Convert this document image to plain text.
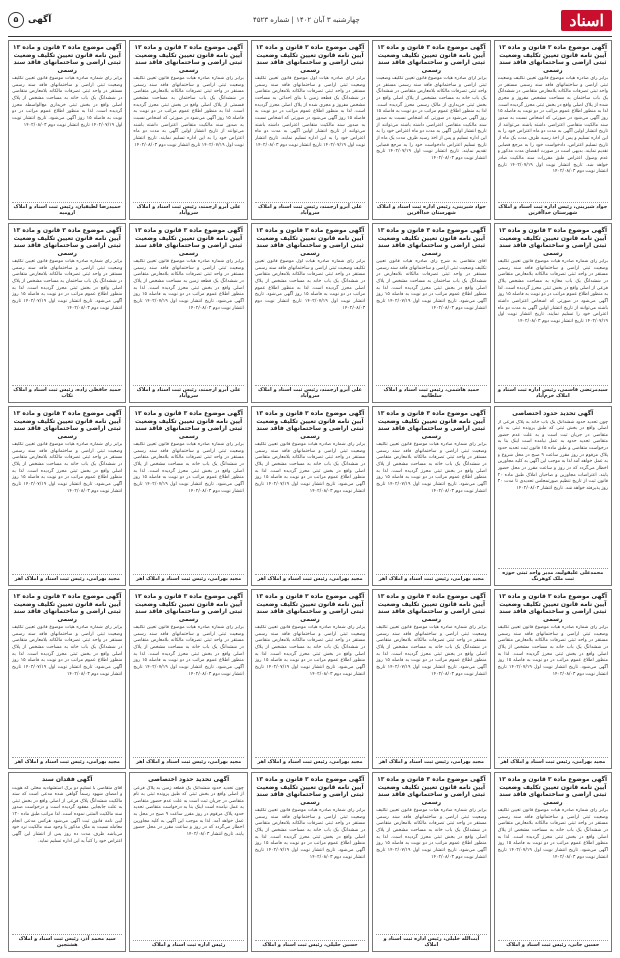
اسناد
چهارشنبه ۳ آبان ۱۴۰۲ | شماره ۴۵۲۳
آگهی
۵
آگهی موضوع ماده ۳ قانون و ماده ۱۳ آیین نامه قانون تعیین تکلیف وضعیت ثبتی اراضی و ساختمانهای فاقد سند رسمی
برابر رأی صادره هیأت موضوع قانون تعیین تکلیف وضعیت ثبتی اراضی و ساختمانهای فاقد سند رسمی مستقر در واحد ثبتی تصرفات مالکانه بلامعارض متقاضی در ششدانگ یک باب ساختمان به مساحت مشخص مفروز و مجزی شده از پلاک اصلی واقع در بخش ثبتی محرز گردیده است. لذا به منظور اطلاع عموم مراتب در دو نوبت به فاصله ۱۵ روز آگهی می‌شود در صورتی که اشخاص نسبت به صدور سند مالکیت متقاضی اعتراضی داشته باشند می‌توانند از تاریخ انتشار اولین آگهی به مدت دو ماه اعتراض خود را به این اداره تسلیم و پس از اخذ رسید ظرف مدت یک ماه از تاریخ تسلیم اعتراض، دادخواست خود را به مرجع قضایی تقدیم نمایند. بدیهی است در صورت انقضای مدت مذکور و عدم وصول اعتراض طبق مقررات سند مالکیت صادر خواهد شد. تاریخ انتشار نوبت اول ۱۴۰۲/۰۷/۱۹ تاریخ انتشار نوبت دوم ۱۴۰۲/۰۸/۰۳
جواد شیرینی، رئیس اداره ثبت اسناد و املاک شهرستان خداآفرین
آگهی موضوع ماده ۳ قانون و ماده ۱۳ آیین نامه قانون تعیین تکلیف وضعیت ثبتی اراضی و ساختمانهای فاقد سند رسمی
برابر آرای صادره هیأت موضوع قانون تعیین تکلیف وضعیت ثبتی اراضی و ساختمانهای فاقد سند رسمی مستقر در واحد ثبتی تصرفات مالکانه بلامعارض متقاضی در ششدانگ یک باب خانه به مساحت مشخص از پلاک اصلی واقع در بخش ثبتی خریداری از مالک رسمی محرز گردیده است. لذا به منظور اطلاع عموم مراتب در دو نوبت به فاصله ۱۵ روز آگهی می‌شود در صورتی که اشخاص نسبت به صدور سند مالکیت متقاضی اعتراضی داشته باشند می‌توانند از تاریخ انتشار اولین آگهی به مدت دو ماه اعتراض خود را به این اداره تسلیم و پس از اخذ رسید ظرف مدت یک ماه از تاریخ تسلیم اعتراض دادخواست خود را به مرجع قضایی تقدیم نمایند. تاریخ انتشار نوبت اول ۱۴۰۲/۰۷/۱۹ تاریخ انتشار نوبت دوم ۱۴۰۲/۰۸/۰۳
جواد شیرینی، رئیس اداره ثبت اسناد و املاک شهرستان خداآفرین
آگهی موضوع ماده ۳ قانون و ماده ۱۳ آیین نامه قانون تعیین تکلیف وضعیت ثبتی اراضی و ساختمانهای فاقد سند رسمی
برابر آرای صادره هیأت اول موضوع قانون تعیین تکلیف وضعیت ثبتی اراضی و ساختمانهای فاقد سند رسمی مستقر در واحد ثبتی تصرفات مالکانه بلامعارض متقاضی در ششدانگ یک قطعه زمین با بنای احداثی به مساحت مشخص مفروز و مجزی شده از پلاک اصلی محرز گردیده است. لذا به منظور اطلاع عموم مراتب در دو نوبت به فاصله ۱۵ روز آگهی می‌شود در صورتی که اشخاص نسبت به صدور سند مالکیت متقاضی اعتراضی داشته باشند می‌توانند از تاریخ انتشار اولین آگهی به مدت دو ماه اعتراض خود را به این اداره تسلیم نمایند. تاریخ انتشار نوبت اول ۱۴۰۲/۰۷/۱۹ تاریخ انتشار نوبت دوم ۱۴۰۲/۰۸/۰۳
علی آبرو ارجمند، رئیس ثبت اسناد و املاک سروآباد
آگهی موضوع ماده ۳ قانون و ماده ۱۳ آیین نامه قانون تعیین تکلیف وضعیت ثبتی اراضی و ساختمانهای فاقد سند رسمی
برابر رأی شماره صادره هیأت موضوع قانون تعیین تکلیف وضعیت ثبتی اراضی و ساختمانهای فاقد سند رسمی مستقر در واحد ثبتی تصرفات مالکانه بلامعارض متقاضی در ششدانگ یک باب ساختمان به مساحت مشخص قسمتی از پلاک اصلی واقع در بخش ثبتی محرز گردیده است. لذا به منظور اطلاع عموم مراتب در دو نوبت به فاصله ۱۵ روز آگهی می‌شود در صورتی که اشخاص نسبت به صدور سند مالکیت متقاضی اعتراضی داشته باشند می‌توانند از تاریخ انتشار اولین آگهی به مدت دو ماه اعتراض خود را به این اداره تسلیم نمایند. تاریخ انتشار نوبت اول ۱۴۰۲/۰۷/۱۹ تاریخ انتشار نوبت دوم ۱۴۰۲/۰۸/۰۳
علی آبرو ارجمند، رئیس ثبت اسناد و املاک سروآباد
آگهی موضوع ماده ۳ قانون و ماده ۱۳ آیین نامه قانون تعیین تکلیف وضعیت ثبتی اراضی و ساختمانهای فاقد سند رسمی
برابر رأی شماره صادره هیأت موضوع قانون تعیین تکلیف وضعیت ثبتی اراضی و ساختمانهای فاقد سند رسمی مستقر در واحد ثبتی تصرفات مالکانه بلامعارض متقاضی در ششدانگ یک باب خانه به مساحت مشخص از پلاک اصلی واقع در بخش ثبتی خریداری مع‌الواسطه محرز گردیده است. لذا به منظور اطلاع عموم مراتب در دو نوبت به فاصله ۱۵ روز آگهی می‌شود. تاریخ انتشار نوبت اول ۱۴۰۲/۰۷/۱۹ تاریخ انتشار نوبت دوم ۱۴۰۲/۰۸/۰۳
حمیدرضا لطیفیان، رئیس ثبت اسناد و املاک ارومیه
آگهی موضوع ماده ۳ قانون و ماده ۱۳ آیین نامه قانون تعیین تکلیف وضعیت ثبتی اراضی و ساختمانهای فاقد سند رسمی
برابر رأی شماره صادره هیأت موضوع قانون تعیین تکلیف وضعیت ثبتی اراضی و ساختمانهای فاقد سند رسمی مستقر در واحد ثبتی تصرفات مالکانه بلامعارض متقاضی در ششدانگ یک باب مغازه به مساحت مشخص پلاک فرعی از اصلی واقع در بخش ثبتی محرز گردیده است. لذا به منظور اطلاع عموم مراتب در دو نوبت به فاصله ۱۵ روز آگهی می‌شود در صورتی که اشخاص اعتراضی داشته باشند می‌توانند از تاریخ انتشار اولین آگهی به مدت دو ماه اعتراض خود را تسلیم نمایند. تاریخ انتشار نوبت اول ۱۴۰۲/۰۷/۱۹ تاریخ انتشار نوبت دوم ۱۴۰۲/۰۸/۰۳
سیدمرتضی قاسمی، رئیس اداره ثبت اسناد و املاک خرم‌آباد
آگهی موضوع ماده ۳ قانون و ماده ۱۳ آیین نامه قانون تعیین تکلیف وضعیت ثبتی اراضی و ساختمانهای فاقد سند رسمی
آقای متقاضی به شرح رأی صادره هیأت قانون تعیین تکلیف وضعیت ثبتی اراضی و ساختمانهای فاقد سند رسمی مستقر در واحد ثبتی تصرفات مالکانه بلامعارض در ششدانگ یک باب ساختمان به مساحت مشخص از پلاک اصلی واقع در بخش ثبتی محرز گردیده است. لذا به منظور اطلاع عموم مراتب در دو نوبت به فاصله ۱۵ روز آگهی می‌شود. تاریخ انتشار نوبت اول ۱۴۰۲/۰۷/۱۹ تاریخ انتشار نوبت دوم ۱۴۰۲/۰۸/۰۳
حمید هاشمی، رئیس ثبت اسناد و املاک سلطانیه
آگهی موضوع ماده ۳ قانون و ماده ۱۳ آیین نامه قانون تعیین تکلیف وضعیت ثبتی اراضی و ساختمانهای فاقد سند رسمی
برابر رأی شماره صادره هیأت اول موضوع قانون تعیین تکلیف وضعیت ثبتی اراضی و ساختمانهای فاقد سند رسمی مستقر در واحد ثبتی تصرفات مالکانه بلامعارض متقاضی در ششدانگ یک باب خانه به مساحت مشخص از پلاک اصلی محرز گردیده است. لذا به منظور اطلاع عموم مراتب در دو نوبت به فاصله ۱۵ روز آگهی می‌شود. تاریخ انتشار نوبت اول ۱۴۰۲/۰۷/۱۹ تاریخ انتشار نوبت دوم ۱۴۰۲/۰۸/۰۳
علی آبرو ارجمند، رئیس ثبت اسناد و املاک سروآباد
آگهی موضوع ماده ۳ قانون و ماده ۱۳ آیین نامه قانون تعیین تکلیف وضعیت ثبتی اراضی و ساختمانهای فاقد سند رسمی
برابر رأی شماره صادره هیأت موضوع قانون تعیین تکلیف وضعیت ثبتی اراضی و ساختمانهای فاقد سند رسمی مستقر در واحد ثبتی تصرفات مالکانه بلامعارض متقاضی در ششدانگ یک قطعه زمین به مساحت مشخص از پلاک اصلی واقع در بخش ثبتی محرز گردیده است. لذا به منظور اطلاع عموم مراتب در دو نوبت به فاصله ۱۵ روز آگهی می‌شود. تاریخ انتشار نوبت اول ۱۴۰۲/۰۷/۱۹ تاریخ انتشار نوبت دوم ۱۴۰۲/۰۸/۰۳
علی آبرو ارجمند، رئیس ثبت اسناد و املاک سروآباد
آگهی موضوع ماده ۳ قانون و ماده ۱۳ آیین نامه قانون تعیین تکلیف وضعیت ثبتی اراضی و ساختمانهای فاقد سند رسمی
برابر رأی شماره صادره هیأت موضوع قانون تعیین تکلیف وضعیت ثبتی اراضی و ساختمانهای فاقد سند رسمی مستقر در واحد ثبتی تصرفات مالکانه بلامعارض متقاضی در ششدانگ یک باب ساختمان به مساحت مشخص از پلاک اصلی واقع در بخش ثبتی محرز گردیده است. لذا به منظور اطلاع عموم مراتب در دو نوبت به فاصله ۱۵ روز آگهی می‌شود. تاریخ انتشار نوبت اول ۱۴۰۲/۰۷/۱۹ تاریخ انتشار نوبت دوم ۱۴۰۲/۰۸/۰۳
حمید حافظی زاده، رئیس ثبت اسناد و املاک تکاب
آگهی تحدید حدود اختصاصی
چون تحدید حدود ششدانگ یک باب خانه به پلاک فرعی از اصلی واقع در بخش ثبتی که طبق پرونده ثبتی به نام متقاضی در جریان ثبت است و به علت عدم حضور متقاضی تحدید حدود به عمل نیامده است اینک بنا به درخواست متقاضی و طبق ماده ۱۵ قانون ثبت تحدید حدود پلاک مرقوم در روز مقرر ساعت ۹ صبح در محل شروع و به عمل خواهد آمد لذا به موجب این آگهی به کلیه مجاورین اخطار می‌گردد که در روز و ساعت مقرر در محل حضور یابند. اعتراضات مجاورین و صاحبان املاک طبق ماده ۲۰ قانون ثبت از تاریخ تنظیم صورتمجلس تحدیدی تا مدت ۳۰ روز پذیرفته خواهد شد. تاریخ انتشار ۱۴۰۲/۰۸/۰۳
محمدعلی علیقولیه، مدیر واحد ثبتی حوزه ثبت ملک کوهرنگ
آگهی موضوع ماده ۳ قانون و ماده ۱۳ آیین نامه قانون تعیین تکلیف وضعیت ثبتی اراضی و ساختمانهای فاقد سند رسمی
برابر رأی شماره صادره هیأت موضوع قانون تعیین تکلیف وضعیت ثبتی اراضی و ساختمانهای فاقد سند رسمی مستقر در واحد ثبتی تصرفات مالکانه بلامعارض متقاضی در ششدانگ یک باب خانه به مساحت مشخص از پلاک اصلی واقع در بخش ثبتی محرز گردیده است. لذا به منظور اطلاع عموم مراتب در دو نوبت به فاصله ۱۵ روز آگهی می‌شود. تاریخ انتشار نوبت اول ۱۴۰۲/۰۷/۱۹ تاریخ انتشار نوبت دوم ۱۴۰۲/۰۸/۰۳
مجید بهرامی، رئیس ثبت اسناد و املاک اهر
آگهی موضوع ماده ۳ قانون و ماده ۱۳ آیین نامه قانون تعیین تکلیف وضعیت ثبتی اراضی و ساختمانهای فاقد سند رسمی
برابر رأی شماره صادره هیأت موضوع قانون تعیین تکلیف وضعیت ثبتی اراضی و ساختمانهای فاقد سند رسمی مستقر در واحد ثبتی تصرفات مالکانه بلامعارض متقاضی در ششدانگ یک باب خانه به مساحت مشخص از پلاک اصلی واقع در بخش ثبتی محرز گردیده است. لذا به منظور اطلاع عموم مراتب در دو نوبت به فاصله ۱۵ روز آگهی می‌شود. تاریخ انتشار نوبت اول ۱۴۰۲/۰۷/۱۹ تاریخ انتشار نوبت دوم ۱۴۰۲/۰۸/۰۳
مجید بهرامی، رئیس ثبت اسناد و املاک اهر
آگهی موضوع ماده ۳ قانون و ماده ۱۳ آیین نامه قانون تعیین تکلیف وضعیت ثبتی اراضی و ساختمانهای فاقد سند رسمی
برابر رأی شماره صادره هیأت موضوع قانون تعیین تکلیف وضعیت ثبتی اراضی و ساختمانهای فاقد سند رسمی مستقر در واحد ثبتی تصرفات مالکانه بلامعارض متقاضی در ششدانگ یک باب خانه به مساحت مشخص از پلاک اصلی واقع در بخش ثبتی محرز گردیده است. لذا به منظور اطلاع عموم مراتب در دو نوبت به فاصله ۱۵ روز آگهی می‌شود. تاریخ انتشار نوبت اول ۱۴۰۲/۰۷/۱۹ تاریخ انتشار نوبت دوم ۱۴۰۲/۰۸/۰۳
مجید بهرامی، رئیس ثبت اسناد و املاک اهر
آگهی موضوع ماده ۳ قانون و ماده ۱۳ آیین نامه قانون تعیین تکلیف وضعیت ثبتی اراضی و ساختمانهای فاقد سند رسمی
برابر رأی شماره صادره هیأت موضوع قانون تعیین تکلیف وضعیت ثبتی اراضی و ساختمانهای فاقد سند رسمی مستقر در واحد ثبتی تصرفات مالکانه بلامعارض متقاضی در ششدانگ یک باب خانه به مساحت مشخص از پلاک اصلی واقع در بخش ثبتی محرز گردیده است. لذا به منظور اطلاع عموم مراتب در دو نوبت به فاصله ۱۵ روز آگهی می‌شود. تاریخ انتشار نوبت اول ۱۴۰۲/۰۷/۱۹ تاریخ انتشار نوبت دوم ۱۴۰۲/۰۸/۰۳
مجید بهرامی، رئیس ثبت اسناد و املاک اهر
آگهی موضوع ماده ۳ قانون و ماده ۱۳ آیین نامه قانون تعیین تکلیف وضعیت ثبتی اراضی و ساختمانهای فاقد سند رسمی
برابر رأی شماره صادره هیأت موضوع قانون تعیین تکلیف وضعیت ثبتی اراضی و ساختمانهای فاقد سند رسمی مستقر در واحد ثبتی تصرفات مالکانه بلامعارض متقاضی در ششدانگ یک باب خانه به مساحت مشخص از پلاک اصلی واقع در بخش ثبتی محرز گردیده است. لذا به منظور اطلاع عموم مراتب در دو نوبت به فاصله ۱۵ روز آگهی می‌شود. تاریخ انتشار نوبت اول ۱۴۰۲/۰۷/۱۹ تاریخ انتشار نوبت دوم ۱۴۰۲/۰۸/۰۳
مجید بهرامی، رئیس ثبت اسناد و املاک اهر
آگهی موضوع ماده ۳ قانون و ماده ۱۳ آیین نامه قانون تعیین تکلیف وضعیت ثبتی اراضی و ساختمانهای فاقد سند رسمی
برابر رأی شماره صادره هیأت موضوع قانون تعیین تکلیف وضعیت ثبتی اراضی و ساختمانهای فاقد سند رسمی مستقر در واحد ثبتی تصرفات مالکانه بلامعارض متقاضی در ششدانگ یک باب خانه به مساحت مشخص از پلاک اصلی واقع در بخش ثبتی محرز گردیده است. لذا به منظور اطلاع عموم مراتب در دو نوبت به فاصله ۱۵ روز آگهی می‌شود. تاریخ انتشار نوبت اول ۱۴۰۲/۰۷/۱۹ تاریخ انتشار نوبت دوم ۱۴۰۲/۰۸/۰۳
مجید بهرامی، رئیس ثبت اسناد و املاک اهر
آگهی موضوع ماده ۳ قانون و ماده ۱۳ آیین نامه قانون تعیین تکلیف وضعیت ثبتی اراضی و ساختمانهای فاقد سند رسمی
برابر رأی شماره صادره هیأت موضوع قانون تعیین تکلیف وضعیت ثبتی اراضی و ساختمانهای فاقد سند رسمی مستقر در واحد ثبتی تصرفات مالکانه بلامعارض متقاضی در ششدانگ یک باب خانه به مساحت مشخص از پلاک اصلی واقع در بخش ثبتی محرز گردیده است. لذا به منظور اطلاع عموم مراتب در دو نوبت به فاصله ۱۵ روز آگهی می‌شود. تاریخ انتشار نوبت اول ۱۴۰۲/۰۷/۱۹ تاریخ انتشار نوبت دوم ۱۴۰۲/۰۸/۰۳
مجید بهرامی، رئیس ثبت اسناد و املاک اهر
آگهی موضوع ماده ۳ قانون و ماده ۱۳ آیین نامه قانون تعیین تکلیف وضعیت ثبتی اراضی و ساختمانهای فاقد سند رسمی
برابر رأی شماره صادره هیأت موضوع قانون تعیین تکلیف وضعیت ثبتی اراضی و ساختمانهای فاقد سند رسمی مستقر در واحد ثبتی تصرفات مالکانه بلامعارض متقاضی در ششدانگ یک باب خانه به مساحت مشخص از پلاک اصلی واقع در بخش ثبتی محرز گردیده است. لذا به منظور اطلاع عموم مراتب در دو نوبت به فاصله ۱۵ روز آگهی می‌شود. تاریخ انتشار نوبت اول ۱۴۰۲/۰۷/۱۹ تاریخ انتشار نوبت دوم ۱۴۰۲/۰۸/۰۳
مجید بهرامی، رئیس ثبت اسناد و املاک اهر
آگهی موضوع ماده ۳ قانون و ماده ۱۳ آیین نامه قانون تعیین تکلیف وضعیت ثبتی اراضی و ساختمانهای فاقد سند رسمی
برابر رأی شماره صادره هیأت موضوع قانون تعیین تکلیف وضعیت ثبتی اراضی و ساختمانهای فاقد سند رسمی مستقر در واحد ثبتی تصرفات مالکانه بلامعارض متقاضی در ششدانگ یک باب خانه به مساحت مشخص از پلاک اصلی واقع در بخش ثبتی محرز گردیده است. لذا به منظور اطلاع عموم مراتب در دو نوبت به فاصله ۱۵ روز آگهی می‌شود. تاریخ انتشار نوبت اول ۱۴۰۲/۰۷/۱۹ تاریخ انتشار نوبت دوم ۱۴۰۲/۰۸/۰۳
مجید بهرامی، رئیس ثبت اسناد و املاک اهر
آگهی موضوع ماده ۳ قانون و ماده ۱۳ آیین نامه قانون تعیین تکلیف وضعیت ثبتی اراضی و ساختمانهای فاقد سند رسمی
برابر رأی شماره صادره هیأت موضوع قانون تعیین تکلیف وضعیت ثبتی اراضی و ساختمانهای فاقد سند رسمی مستقر در واحد ثبتی تصرفات مالکانه بلامعارض متقاضی در ششدانگ یک باب خانه به مساحت مشخص از پلاک اصلی واقع در بخش ثبتی محرز گردیده است. لذا به منظور اطلاع عموم مراتب در دو نوبت به فاصله ۱۵ روز آگهی می‌شود. تاریخ انتشار نوبت اول ۱۴۰۲/۰۷/۱۹ تاریخ انتشار نوبت دوم ۱۴۰۲/۰۸/۰۳
حسین جانی، رئیس ثبت اسناد و املاک
آگهی موضوع ماده ۳ قانون و ماده ۱۳ آیین نامه قانون تعیین تکلیف وضعیت ثبتی اراضی و ساختمانهای فاقد سند رسمی
برابر رأی شماره صادره هیأت موضوع قانون تعیین تکلیف وضعیت ثبتی اراضی و ساختمانهای فاقد سند رسمی مستقر در واحد ثبتی تصرفات مالکانه بلامعارض متقاضی در ششدانگ یک باب خانه به مساحت مشخص از پلاک اصلی واقع در بخش ثبتی محرز گردیده است. لذا به منظور اطلاع عموم مراتب در دو نوبت به فاصله ۱۵ روز آگهی می‌شود. تاریخ انتشار نوبت اول ۱۴۰۲/۰۷/۱۹ تاریخ انتشار نوبت دوم ۱۴۰۲/۰۸/۰۳
آیت‌الله خلیلی، رئیس اداره ثبت اسناد و املاک
آگهی موضوع ماده ۳ قانون و ماده ۱۳ آیین نامه قانون تعیین تکلیف وضعیت ثبتی اراضی و ساختمانهای فاقد سند رسمی
برابر رأی شماره صادره هیأت موضوع قانون تعیین تکلیف وضعیت ثبتی اراضی و ساختمانهای فاقد سند رسمی مستقر در واحد ثبتی تصرفات مالکانه بلامعارض متقاضی در ششدانگ یک باب خانه به مساحت مشخص از پلاک اصلی واقع در بخش ثبتی محرز گردیده است. لذا به منظور اطلاع عموم مراتب در دو نوبت به فاصله ۱۵ روز آگهی می‌شود. تاریخ انتشار نوبت اول ۱۴۰۲/۰۷/۱۹ تاریخ انتشار نوبت دوم ۱۴۰۲/۰۸/۰۳
حسین حلیلی، رئیس ثبت اسناد و املاک
آگهی تحدید حدود اختصاصی
چون تحدید حدود ششدانگ یک قطعه زمین به پلاک فرعی از اصلی واقع در بخش ثبتی که طبق پرونده ثبتی به نام متقاضی در جریان ثبت است به علت عدم حضور متقاضی به عمل نیامده است اینک بنا به درخواست متقاضی تحدید حدود پلاک مرقوم در روز مقرر ساعت ۹ صبح در محل به عمل خواهد آمد. لذا به موجب این آگهی به کلیه مجاورین اخطار می‌گردد که در روز و ساعت مقرر در محل حضور یابند. تاریخ انتشار ۱۴۰۲/۰۸/۰۳
رئیس اداره ثبت اسناد و املاک
آگهی فقدان سند
آقای متقاضی با تسلیم دو برگ استشهادیه محلی که هویت و امضای شهود رسماً گواهی شده مدعی است که سند مالکیت ششدانگ پلاک فرعی از اصلی واقع در بخش ثبتی به علت جابجایی مفقود گردیده است و درخواست صدور سند مالکیت المثنی نموده است. لذا مراتب طبق ماده ۱۲۰ آیین نامه قانون ثبت آگهی می‌شود هرکس مدعی انجام معامله نسبت به ملک مذکور یا وجود سند مالکیت نزد خود می‌باشد ظرف مدت ده روز پس از انتشار این آگهی اعتراض خود را کتباً به این اداره تسلیم نماید.
سید محمد آذر، رئیس ثبت اسناد و املاک هشتجین
